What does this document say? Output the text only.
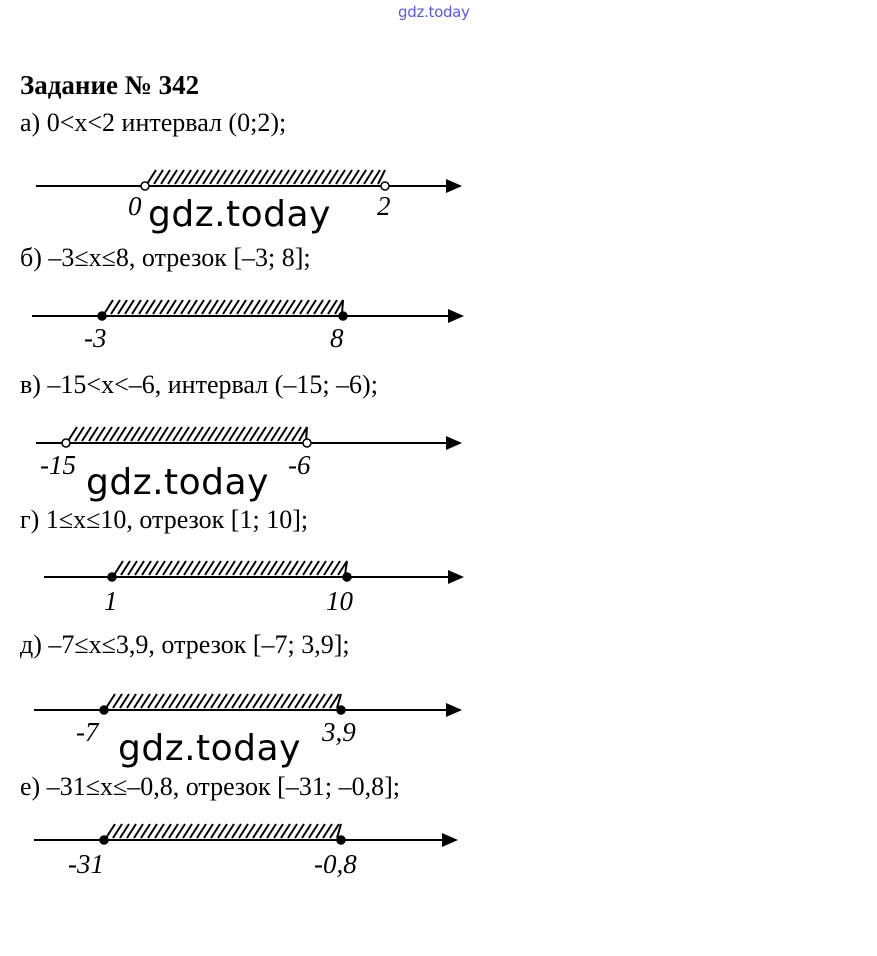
gdz.today
Задание № 342
а) 0<x<2 интервал (0;2);
0	2
gdz.today
б) –3≤x≤8, отрезок [–3; 8];
-3	8
в) –15<x<–6, интервал (–15; –6);
-15	-6
gdz.today
г) 1≤x≤10, отрезок [1; 10];
1	10
д) –7≤x≤3,9, отрезок [–7; 3,9];
-7	3,9
gdz.today
е) –31≤x≤–0,8, отрезок [–31; –0,8];
-31	-0,8
